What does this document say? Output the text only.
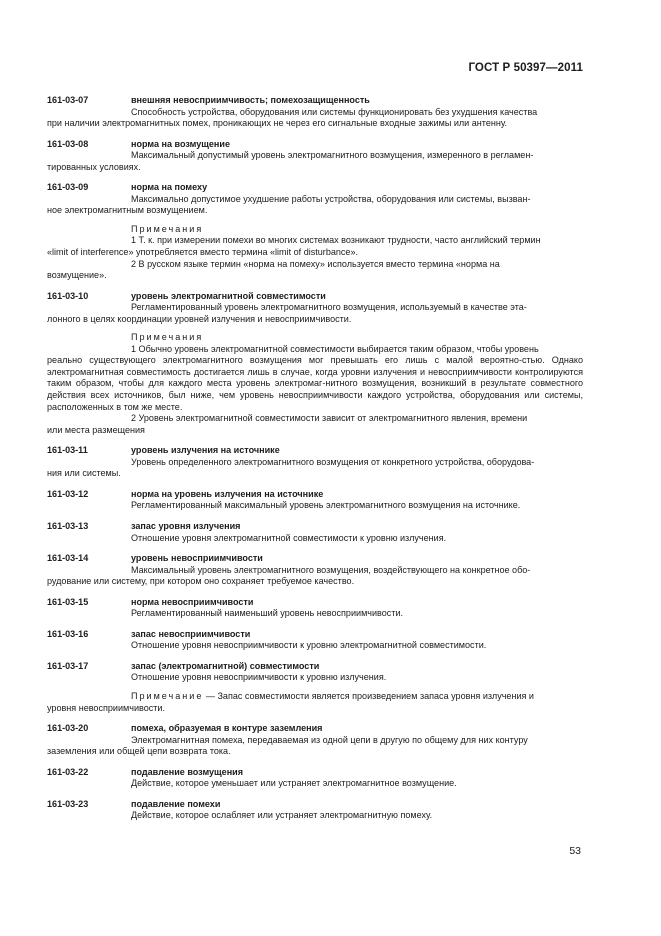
ГОСТ Р 50397—2011
161-03-07	внешняя невосприимчивость; помехозащищенность
Способность устройства, оборудования или системы функционировать без ухудшения качества
при наличии электромагнитных помех, проникающих не через его сигнальные входные зажимы или антенну.
161-03-08	норма на возмущение
Максимальный допустимый уровень электромагнитного возмущения, измеренного в регламен-
тированных условиях.
161-03-09	норма на помеху
Максимально допустимое ухудшение работы устройства, оборудования или системы, вызван-
ное электромагнитным возмущением.
Примечания
1 Т. к. при измерении помехи во многих системах возникают трудности, часто английский термин
«limit of interference» употребляется вместо термина «limit of disturbance».
2 В русском языке термин «норма на помеху» используется вместо термина «норма на
возмущение».
161-03-10	уровень электромагнитной совместимости
Регламентированный уровень электромагнитного возмущения, используемый в качестве эта-
лонного в целях координации уровней излучения и невосприимчивости.
Примечания
1 Обычно уровень электромагнитной совместимости выбирается таким образом, чтобы уровень
реально существующего электромагнитного возмущения мог превышать его лишь с малой вероятно-стью. Однако электромагнитная совместимость достигается лишь в случае, когда уровни излучения и невосприимчивости контролируются таким образом, чтобы для каждого места уровень электромаг-нитного возмущения, возникший в результате совместного действия всех источников, был ниже, чем уровень невосприимчивости каждого устройства, оборудования или системы, расположенных в том же месте.
2 Уровень электромагнитной совместимости зависит от электромагнитного явления, времени
или места размещения
161-03-11	уровень излучения на источнике
Уровень определенного электромагнитного возмущения от конкретного устройства, оборудова-
ния или системы.
161-03-12	норма на уровень излучения на источнике
Регламентированный максимальный уровень электромагнитного возмущения на источнике.
161-03-13	запас уровня излучения
Отношение уровня электромагнитной совместимости к уровню излучения.
161-03-14	уровень невосприимчивости
Максимальный уровень электромагнитного возмущения, воздействующего на конкретное обо-
рудование или систему, при котором оно сохраняет требуемое качество.
161-03-15	норма невосприимчивости
Регламентированный наименьший уровень невосприимчивости.
161-03-16	запас невосприимчивости
Отношение уровня невосприимчивости к уровню электромагнитной совместимости.
161-03-17	запас (электромагнитной) совместимости
Отношение уровня невосприимчивости к уровню излучения.
Примечание — Запас совместимости является произведением запаса уровня излучения и
уровня невосприимчивости.
161-03-20	помеха, образуемая в контуре заземления
Электромагнитная помеха, передаваемая из одной цепи в другую по общему для них контуру
заземления или общей цепи возврата тока.
161-03-22	подавление возмущения
Действие, которое уменьшает или устраняет электромагнитное возмущение.
161-03-23	подавление помехи
Действие, которое ослабляет или устраняет электромагнитную помеху.
53
